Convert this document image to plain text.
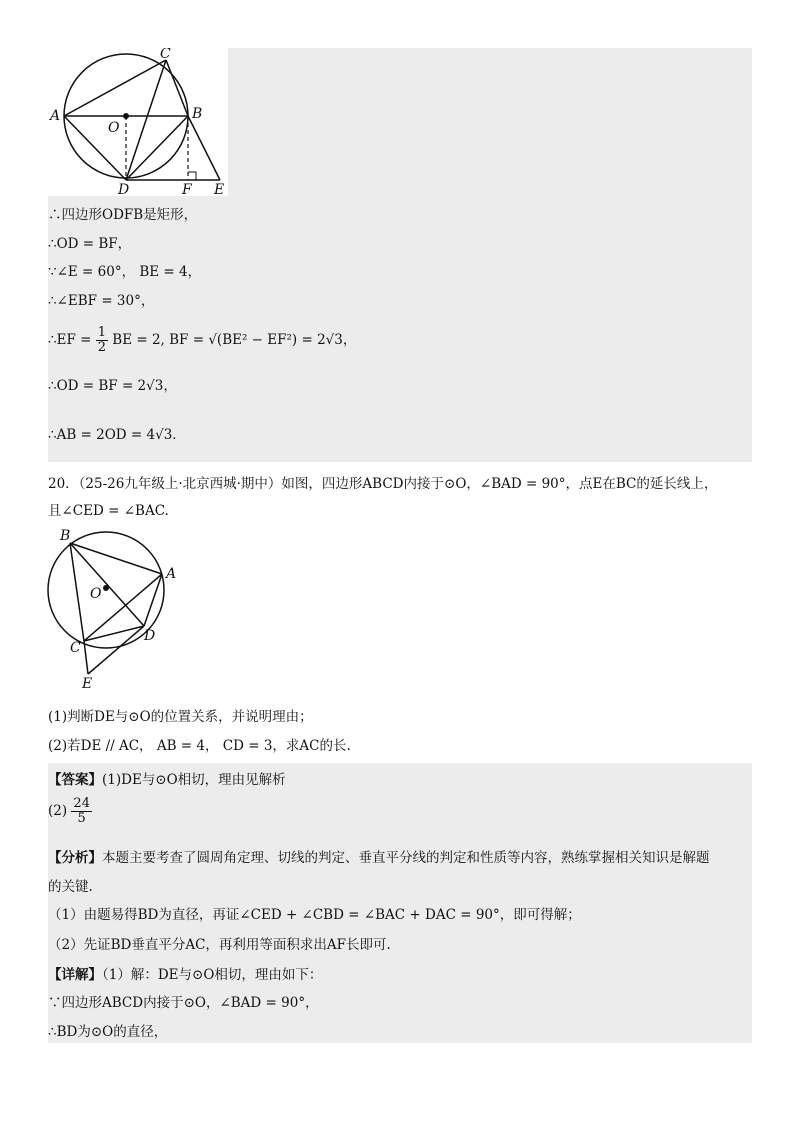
A	B
C
D	E
F
O
∴四边形ODFB是矩形，
∴OD = BF，
∵∠E = 60°， BE = 4，
∴∠EBF = 30°，
∴EF = $\frac{1}{2}$ BE = 2, BF = √(BE² − EF²) = 2√3，
∴OD = BF = 2√3，
∴AB = 2OD = 4√3．
20．（25-26九年级上·北京西城·期中）如图，四边形ABCD内接于⊙O，∠BAD = 90°，点E在BC的延长线上，
且∠CED = ∠BAC.
B
A
D
C
E
O
(1)判断DE与⊙O的位置关系，并说明理由；
(2)若DE // AC， AB = 4， CD = 3，求AC的长.
【答案】(1)DE与⊙O相切，理由见解析
$(2) \frac{24}{5}$
【分析】本题主要考查了圆周角定理、切线的判定、垂直平分线的判定和性质等内容，熟练掌握相关知识是解题
的关键.
（1）由题易得BD为直径，再证∠CED + ∠CBD = ∠BAC + DAC = 90°，即可得解；
（2）先证BD垂直平分AC，再利用等面积求出AF长即可.
【详解】（1）解：DE与⊙O相切，理由如下：
∵四边形ABCD内接于⊙O，∠BAD = 90°，
∴BD为⊙O的直径，
